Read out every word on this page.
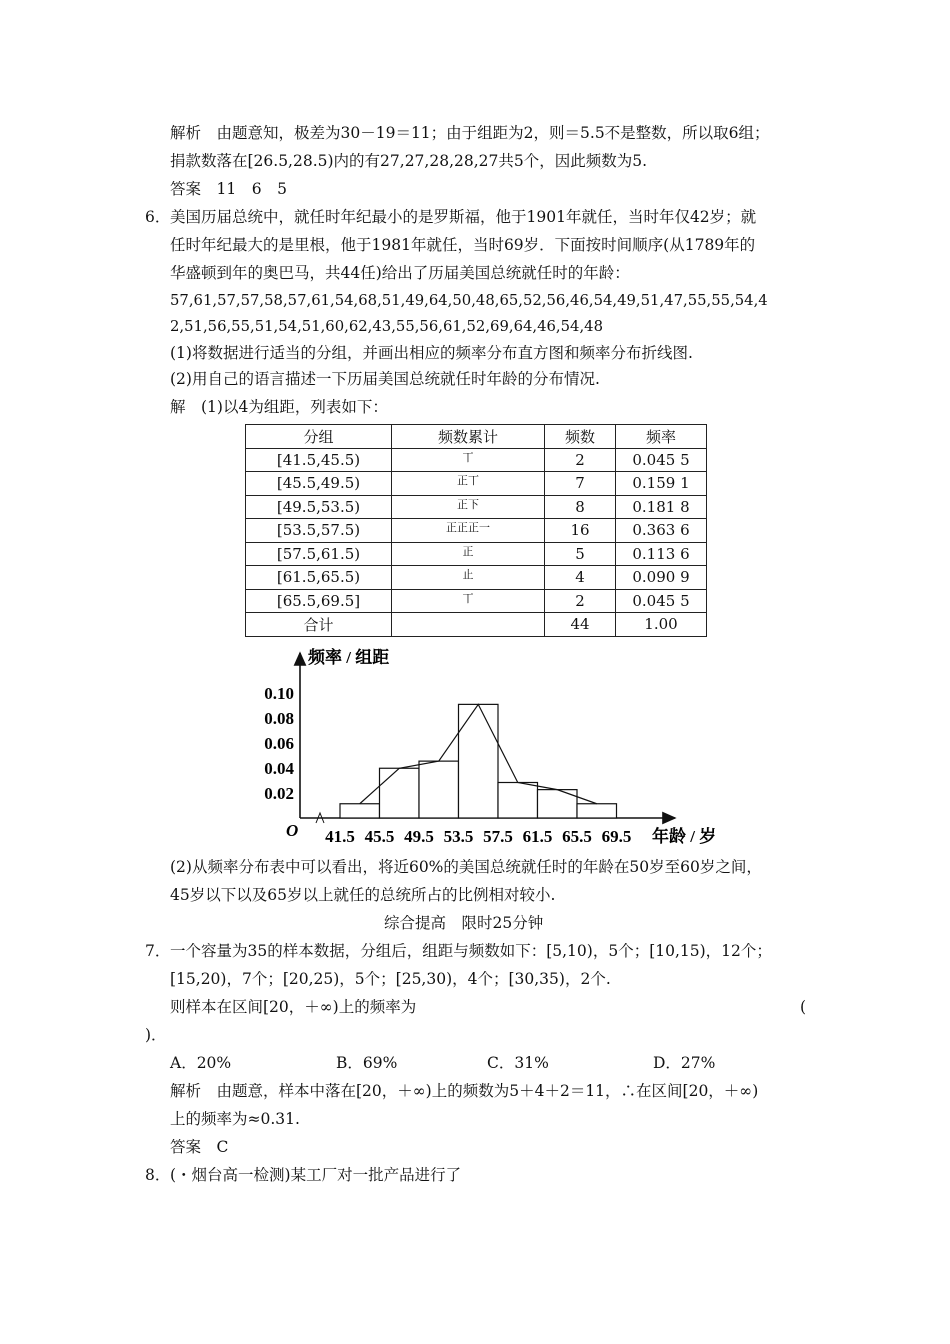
解析　由题意知，极差为30－19＝11；由于组距为2，则＝5.5不是整数，所以取6组；
捐款数落在[26.5,28.5)内的有27,27,28,28,27共5个，因此频数为5.
答案　11　6　5
6． 美国历届总统中，就任时年纪最小的是罗斯福，他于1901年就任，当时年仅42岁；就
任时年纪最大的是里根，他于1981年就任，当时69岁．下面按时间顺序(从1789年的
华盛顿到年的奥巴马，共44任)给出了历届美国总统就任时的年龄：
57,61,57,57,58,57,61,54,68,51,49,64,50,48,65,52,56,46,54,49,51,47,55,55,54,4
2,51,56,55,51,54,51,60,62,43,55,56,61,52,69,64,46,54,48
(1)将数据进行适当的分组，并画出相应的频率分布直方图和频率分布折线图.
(2)用自己的语言描述一下历届美国总统就任时年龄的分布情况.
解　(1)以4为组距，列表如下：
分组	频数累计	频数	频率
[41.5,45.5)	丅	2	0.045 5
[45.5,49.5)	正丅	7	0.159 1
[49.5,53.5)	正下	8	0.181 8
[53.5,57.5)	正正正一	16	0.363 6
[57.5,61.5)	正	5	0.113 6
[61.5,65.5)	止	4	0.090 9
[65.5,69.5]	丅	2	0.045 5
合计		44	1.00
0.02
0.04
0.06
0.08
0.10
41.5 45.5 49.5 53.5 57.5 61.5 65.5 69.5
频率 / 组距
年龄 / 岁
O
(2)从频率分布表中可以看出，将近60%的美国总统就任时的年龄在50岁至60岁之间，
45岁以下以及65岁以上就任的总统所占的比例相对较小.
综合提高　限时25分钟
7． 一个容量为35的样本数据，分组后，组距与频数如下：[5,10)，5个；[10,15)，12个；
[15,20)，7个；[20,25)，5个；[25,30)，4个；[30,35)，2个.
则样本在区间[20，＋∞)上的频率为	(
)．
A．20%	B．69%	C．31%	D．27%
解析　由题意，样本中落在[20，＋∞)上的频数为5＋4＋2＝11，∴在区间[20，＋∞)
上的频率为≈0.31.
答案　C
8． (・烟台高一检测)某工厂对一批产品进行了
